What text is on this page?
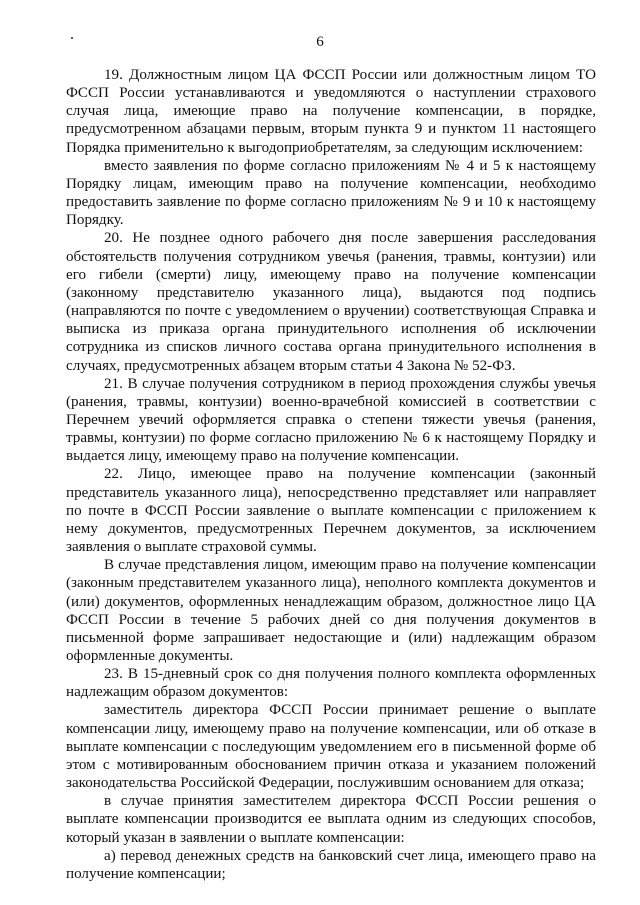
6

19. Должностным лицом ЦА ФССП России или должностным лицом ТО ФССП России устанавливаются и уведомляются о наступлении страхового случая лица, имеющие право на получение компенсации, в порядке, предусмотренном абзацами первым, вторым пункта 9 и пунктом 11 настоящего Порядка применительно к выгодоприобретателям, за следующим исключением:

вместо заявления по форме согласно приложениям № 4 и 5 к настоящему Порядку лицам, имеющим право на получение компенсации, необходимо предоставить заявление по форме согласно приложениям № 9 и 10 к настоящему Порядку.

20. Не позднее одного рабочего дня после завершения расследования обстоятельств получения сотрудником увечья (ранения, травмы, контузии) или его гибели (смерти) лицу, имеющему право на получение компенсации (законному представителю указанного лица), выдаются под подпись (направляются по почте с уведомлением о вручении) соответствующая Справка и выписка из приказа органа принудительного исполнения об исключении сотрудника из списков личного состава органа принудительного исполнения в случаях, предусмотренных абзацем вторым статьи 4 Закона № 52-ФЗ.

21. В случае получения сотрудником в период прохождения службы увечья (ранения, травмы, контузии) военно-врачебной комиссией в соответствии с Перечнем увечий оформляется справка о степени тяжести увечья (ранения, травмы, контузии) по форме согласно приложению № 6 к настоящему Порядку и выдается лицу, имеющему право на получение компенсации.

22. Лицо, имеющее право на получение компенсации (законный представитель указанного лица), непосредственно представляет или направляет по почте в ФССП России заявление о выплате компенсации с приложением к нему документов, предусмотренных Перечнем документов, за исключением заявления о выплате страховой суммы.

В случае представления лицом, имеющим право на получение компенсации (законным представителем указанного лица), неполного комплекта документов и (или) документов, оформленных ненадлежащим образом, должностное лицо ЦА ФССП России в течение 5 рабочих дней со дня получения документов в письменной форме запрашивает недостающие и (или) надлежащим образом оформленные документы.

23. В 15-дневный срок со дня получения полного комплекта оформленных надлежащим образом документов:

заместитель директора ФССП России принимает решение о выплате компенсации лицу, имеющему право на получение компенсации, или об отказе в выплате компенсации с последующим уведомлением его в письменной форме об этом с мотивированным обоснованием причин отказа и указанием положений законодательства Российской Федерации, послужившим основанием для отказа;

в случае принятия заместителем директора ФССП России решения о выплате компенсации производится ее выплата одним из следующих способов, который указан в заявлении о выплате компенсации:

а) перевод денежных средств на банковский счет лица, имеющего право на получение компенсации;
